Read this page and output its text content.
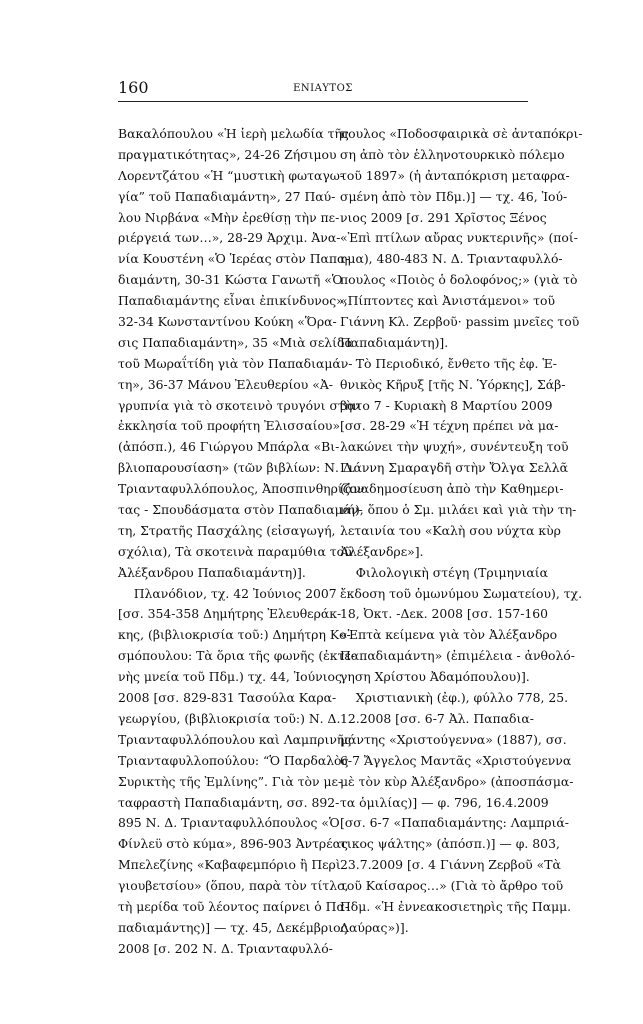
160	ΕΝΙΑΥΤΟΣ
Βακαλόπουλου «Ἡ ἱερὴ μελωδία τῆς
πραγματικότητας», 24-26 Ζήσιμου
Λορεντζάτου «Ἡ “μυστικὴ φωταγω-
γία” τοῦ Παπαδιαμάντη», 27 Παύ-
λου Νιρβάνα «Μὴν ἐρεθίσῃ τὴν πε-
ριέργειά των…», 28-29 Ἀρχιμ. Ἀνα-
νία Κουστένη «Ὁ Ἱερέας στὸν Παπα-
διαμάντη, 30-31 Κώστα Γανωτῆ «Ὁ
Παπαδιαμάντης εἶναι ἐπικίνδυνος»,
32-34 Κωνσταντίνου Κούκη «Ὅρα-
σις Παπαδιαμάντη», 35 «Μιὰ σελίδα
τοῦ Μωραΐτίδη γιὰ τὸν Παπαδιαμάν-
τη», 36-37 Μάνου Ἐλευθερίου «Ἀ-
γρυπνία γιὰ τὸ σκοτεινὸ τρυγόνι στὴν
ἐκκλησία τοῦ προφήτη Ἐλισσαίου»
(ἀπόσπ.), 46 Γιώργου Μπάρλα «Βι-
βλιοπαρουσίαση» (τῶν βιβλίων: Ν. Δ.
Τριανταφυλλόπουλος, Ἀποσπινθηρίζον
τας - Σπουδάσματα στὸν Παπαδιαμάν-
τη, Στρατῆς Πασχάλης (εἰσαγωγή,
σχόλια), Τὰ σκοτεινὰ παραμύθια τοῦ
Ἀλέξανδρου Παπαδιαμάντη)].
Πλανόδιον, τχ. 42 Ἰούνιος 2007
[σσ. 354-358 Δημήτρης Ἐλευθεράκ-
κης, (βιβλιοκρισία τοῦ:) Δημήτρη Κο-
σμόπουλου: Τὰ ὅρια τῆς φωνῆς (ἐκτε-
νὴς μνεία τοῦ Πδμ.) τχ. 44, Ἰούνιος
2008 [σσ. 829-831 Τασούλα Καρα-
γεωργίου, (βιβλιοκρισία τοῦ:) Ν. Δ.
Τριανταφυλλόπουλου καὶ Λαμπρινῆς
Τριανταφυλλοπούλου: “Ὁ Παρδαλὸς
Συρικτὴς τῆς Ἐμλίνης”. Γιὰ τὸν με-
ταφραστὴ Παπαδιαμάντη, σσ. 892-
895 Ν. Δ. Τριανταφυλλόπουλος «Ὁ
Φίνλεϋ στὸ κύμα», 896-903 Ἀντρέας
Μπελεζίνης «Καβαφεμπόριο ἢ Περὶ
γιουβετσίου» (ὅπου, παρὰ τὸν τίτλο,
τὴ μερίδα τοῦ λέοντος παίρνει ὁ Πα-
παδιαμάντης)] — τχ. 45, Δεκέμβριος
2008 [σ. 202 Ν. Δ. Τριανταφυλλό-
πουλος «Ποδοσφαιρικὰ σὲ ἀνταπόκρι-
ση ἀπὸ τὸν ἑλληνοτουρκικὸ πόλεμο
τοῦ 1897» (ἡ ἀνταπόκριση μεταφρα-
σμένη ἀπὸ τὸν Πδμ.)] — τχ. 46, Ἰού-
νιος 2009 [σ. 291 Χρῖστος Ξένος
«Ἐπὶ πτίλων αὔρας νυκτερινῆς» (ποί-
ημα), 480-483 Ν. Δ. Τριανταφυλλό-
πουλος «Ποιὸς ὁ δολοφόνος;» (γιὰ τὸ
«Πίπτοντες καὶ Ἀνιστάμενοι» τοῦ
Γιάννη Κλ. Ζερβοῦ· passim μνεῖες τοῦ
Παπαδιαμάντη)].
Τὸ Περιοδικό, ἔνθετο τῆς ἐφ. Ἑ-
θνικὸς Κῆρυξ [τῆς Ν. Ὑόρκης], Σάβ-
βατο 7 - Κυριακὴ 8 Μαρτίου 2009
[σσ. 28-29 «Ἡ τέχνη πρέπει νὰ μα-
λακώνει τὴν ψυχή», συνέντευξη τοῦ
Γιάννη Σμαραγδῆ στὴν Ὄλγα Σελλᾶ
(ἀναδημοσίευση ἀπὸ τὴν Καθημερι-
νή), ὅπου ὁ Σμ. μιλάει καὶ γιὰ τὴν τη-
λεταινία του «Καλὴ σου νύχτα κὺρ
Ἀλέξανδρε»].
Φιλολογικὴ στέγη (Τριμηνιαία
ἔκδοση τοῦ ὁμωνύμου Σωματείου), τχ.
18, Ὀκτ. -Δεκ. 2008 [σσ. 157-160
«Ἑπτὰ κείμενα γιὰ τὸν Ἀλέξανδρο
Παπαδιαμάντη» (ἐπιμέλεια - ἀνθολό-
γηση Χρίστου Ἀδαμόπουλου)].
Χριστιανικὴ (ἐφ.), φύλλο 778, 25.
12.2008 [σσ. 6-7 Ἀλ. Παπαδια-
μάντης «Χριστούγεννα» (1887), σσ.
6-7 Ἄγγελος Μαντᾶς «Χριστούγεννα
μὲ τὸν κὺρ Ἀλέξανδρο» (ἀποσπάσμα-
τα ὁμιλίας)] — φ. 796, 16.4.2009
[σσ. 6-7 «Παπαδιαμάντης: Λαμπριά-
τικος ψάλτης» (ἀπόσπ.)] — φ. 803,
23.7.2009 [σ. 4 Γιάννη Ζερβοῦ «Τὰ
τοῦ Καίσαρος…» (Γιὰ τὸ ἄρθρο τοῦ
Πδμ. «Ἡ ἐννεακοσιετηρὶς τῆς Παμμ.
Λαύρας»)].
